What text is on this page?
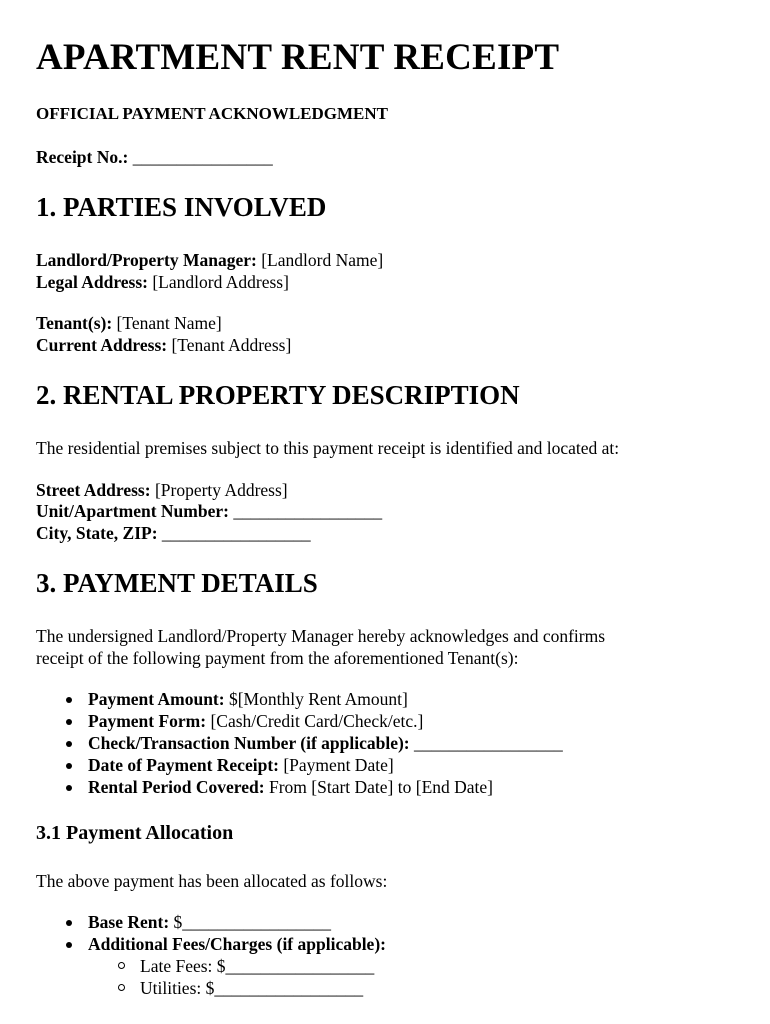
APARTMENT RENT RECEIPT
OFFICIAL PAYMENT ACKNOWLEDGMENT
Receipt No.: ________________
1. PARTIES INVOLVED
Landlord/Property Manager: [Landlord Name]
Legal Address: [Landlord Address]
Tenant(s): [Tenant Name]
Current Address: [Tenant Address]
2. RENTAL PROPERTY DESCRIPTION
The residential premises subject to this payment receipt is identified and located at:
Street Address: [Property Address]
Unit/Apartment Number: _________________
City, State, ZIP: _________________
3. PAYMENT DETAILS
The undersigned Landlord/Property Manager hereby acknowledges and confirms
receipt of the following payment from the aforementioned Tenant(s):
Payment Amount: $[Monthly Rent Amount]
Payment Form: [Cash/Credit Card/Check/etc.]
Check/Transaction Number (if applicable): _________________
Date of Payment Receipt: [Payment Date]
Rental Period Covered: From [Start Date] to [End Date]
3.1 Payment Allocation
The above payment has been allocated as follows:
Base Rent: $_________________
Additional Fees/Charges (if applicable):
Late Fees: $_________________
Utilities: $_________________
